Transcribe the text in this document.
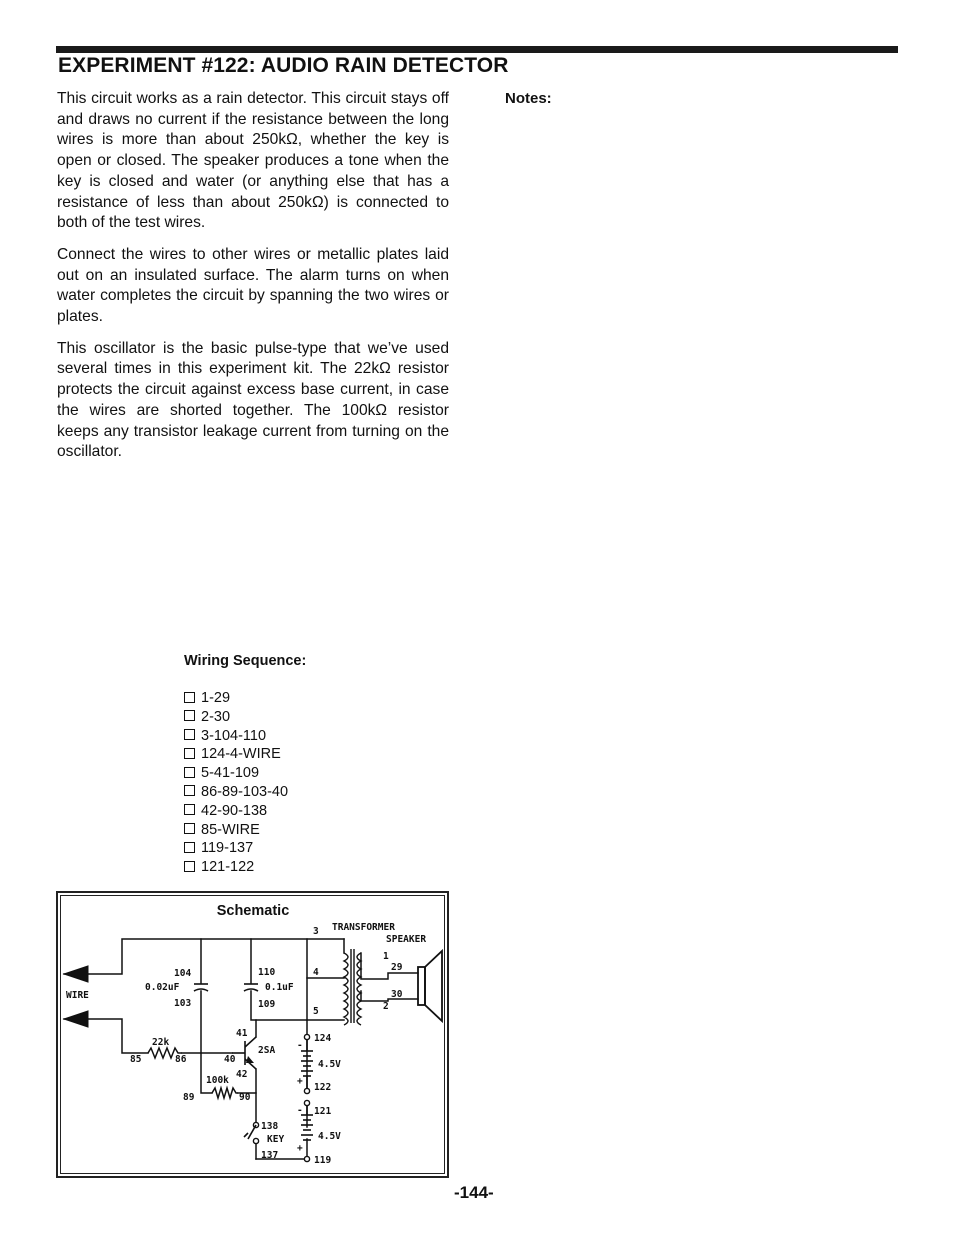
EXPERIMENT #122: AUDIO RAIN DETECTOR

This circuit works as a rain detector. This circuit stays off and draws no current if the resistance between the long wires is more than about 250kΩ, whether the key is open or closed. The speaker produces a tone when the key is closed and water (or anything else that has a resistance of less than about 250kΩ) is connected to both of the test wires.

Connect the wires to other wires or metallic plates laid out on an insulated surface. The alarm turns on when water completes the circuit by spanning the two wires or plates.

This oscillator is the basic pulse-type that we’ve used several times in this experiment kit. The 22kΩ resistor protects the circuit against excess base current, in case the wires are shorted together. The 100kΩ resistor keeps any transistor leakage current from turning on the oscillator.

Notes:
Wiring Sequence:
1-29
2-30
3-104-110
124-4-WIRE
5-41-109
86-89-103-40
42-90-138
85-WIRE
119-137
121-122
Schematic
3 TRANSFORMER
SPEAKER
4
5
1
29
30
2
WIRE
104
0.02uF
103
110
0.1uF
109
41
2SA
40
42
22k
85	86
100k
89	90
124
4.5V
122
121
4.5V
119
138
KEY
137
-
+
-
+
-144-
